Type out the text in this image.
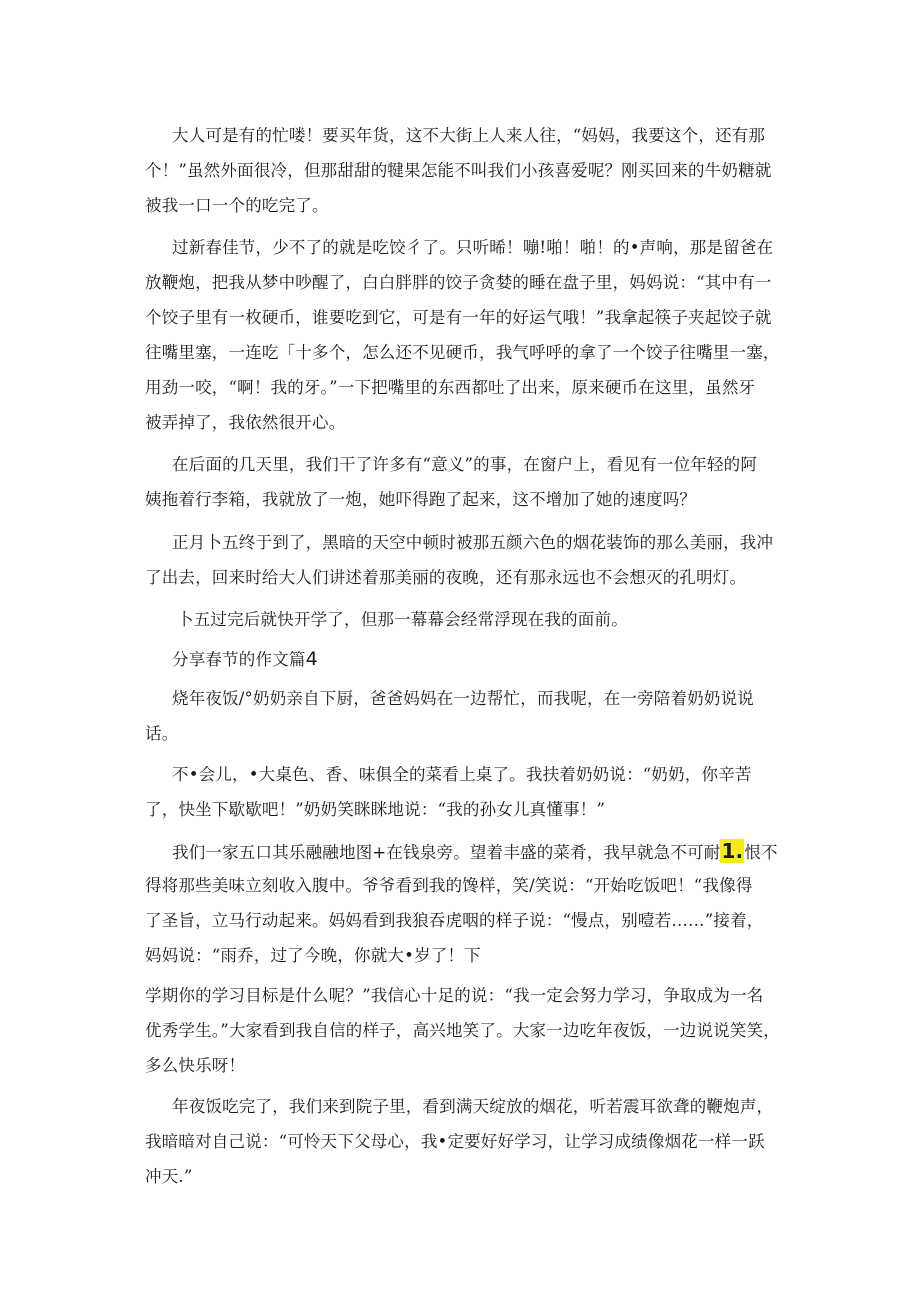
大人可是有的忙喽！要买年货，这不大街上人来人往，“妈妈，我要这个，还有那
个！”虽然外面很冷，但那甜甜的犍果怎能不叫我们小孩喜爱呢？刚买回来的牛奶糖就
被我一口一个的吃完了。
过新春佳节，少不了的就是吃饺彳了。只听晞！嘣!啪！啪！的•声响，那是留爸在
放鞭炮，把我从梦中吵醒了，白白胖胖的饺子贪婪的睡在盘子里，妈妈说：“其中有一
个饺子里有一枚硬币，谁要吃到它，可是有一年的好运气哦！”我拿起筷子夹起饺子就
往嘴里塞，一连吃「十多个，怎么还不见硬币，我气呼呼的拿了一个饺子往嘴里一塞，
用劲一咬，“啊！我的牙。”一下把嘴里的东西都吐了出来，原来硬币在这里，虽然牙
被弄掉了，我依然很开心。
在后面的几天里，我们干了许多有“意义”的事，在窗户上，看见有一位年轻的阿
姨拖着行李箱，我就放了一炮，她吓得跑了起来，这不增加了她的速度吗？
正月卜五终于到了，黑暗的天空中顿时被那五颜六色的烟花装饰的那么美丽，我冲
了出去，回来时给大人们讲述着那美丽的夜晚，还有那永远也不会想灭的孔明灯。
卜五过完后就快开学了，但那一幕幕会经常浮现在我的面前。
分享春节的作文篇4
烧年夜饭/°奶奶亲自下厨，爸爸妈妈在一边帮忙，而我呢，在一旁陪着奶奶说说
话。
不•会儿，•大桌色、香、味俱全的菜看上桌了。我扶着奶奶说：“奶奶，你辛苦
了，快坐下歇歇吧！”奶奶笑眯眯地说：“我的孙女儿真懂事！”
我们一家五口其乐融融地图+在钱泉旁。望着丰盛的菜肴，我早就急不可耐1.恨不
得将那些美味立刻收入腹中。爷爷看到我的馋样，笑/笑说：“开始吃饭吧！“我像得
了圣旨，立马行动起来。妈妈看到我狼吞虎咽的样子说：“慢点，别噎若……”接着，
妈妈说：“雨乔，过了今晚，你就大•岁了！下
学期你的学习目标是什么呢？”我信心十足的说：“我一定会努力学习，争取成为一名
优秀学生。”大家看到我自信的样子，高兴地笑了。大家一边吃年夜饭，一边说说笑笑，
多么快乐呀！
年夜饭吃完了，我们来到院子里，看到满天绽放的烟花，听若震耳欲聋的鞭炮声，
我暗暗对自己说：“可怜天下父母心，我•定要好好学习，让学习成绩像烟花一样一跃
冲天.”
